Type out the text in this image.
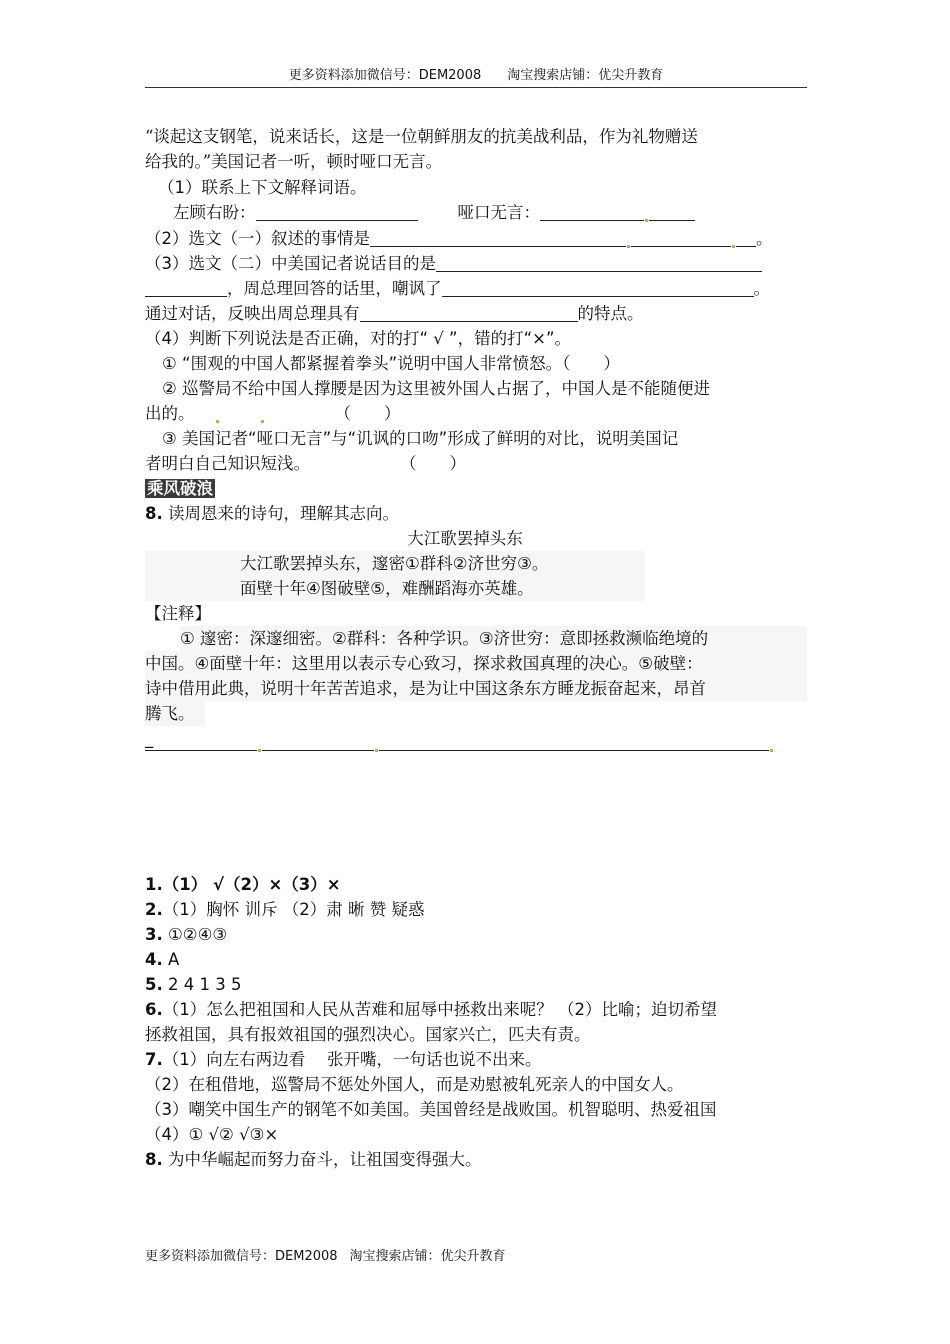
更多资料添加微信号：DEM2008 淘宝搜索店铺：优尖升教育
“谈起这支钢笔，说来话长，这是一位朝鲜朋友的抗美战利品，作为礼物赠送
给我的。”美国记者一听，顿时哑口无言。
（1）联系上下文解释词语。
左顾右盼：	哑口无言：
（2）选文（一）叙述的事情是	。
（3）选文（二）中美国记者说话目的是
，周总理回答的话里，嘲讽了	。
通过对话，反映出周总理具有	的特点。
（4）判断下列说法是否正确，对的打“ √ ”，错的打“×”。
① “围观的中国人都紧握着拳头”说明中国人非常愤怒。（　　）
② 巡警局不给中国人撑腰是因为这里被外国人占据了，中国人是不能随便进
出的。	（　　）
③ 美国记者“哑口无言”与“讥讽的口吻”形成了鲜明的对比，说明美国记
者明白自己知识短浅。	（　　）
乘风破浪
8. 读周恩来的诗句，理解其志向。
大江歌罢掉头东
大江歌罢掉头东，邃密①群科②济世穷③。
面壁十年④图破壁⑤，难酬蹈海亦英雄。
【注释】
① 邃密：深邃细密。②群科：各种学识。③济世穷：意即拯救濒临绝境的
中国。④面壁十年：这里用以表示专心致习，探求救国真理的决心。⑤破壁：
诗中借用此典，说明十年苦苦追求，是为让中国这条东方睡龙振奋起来，昂首
腾飞。
_
1.（1） √（2）×（3）×
2.（1）胸怀 训斥 （2）肃 晰 赞 疑惑
3. ①②④③
4. A
5. 2 4 1 3 5
6.（1）怎么把祖国和人民从苦难和屈辱中拯救出来呢？ （2）比喻；迫切希望
拯救祖国，具有报效祖国的强烈决心。国家兴亡，匹夫有责。
7.（1）向左右两边看　 张开嘴，一句话也说不出来。
（2）在租借地，巡警局不惩处外国人，而是劝慰被轧死亲人的中国女人。
（3）嘲笑中国生产的钢笔不如美国。美国曾经是战败国。机智聪明、热爱祖国
（4）① √② √③×
8. 为中华崛起而努力奋斗，让祖国变得强大。
更多资料添加微信号：DEM2008 淘宝搜索店铺：优尖升教育
